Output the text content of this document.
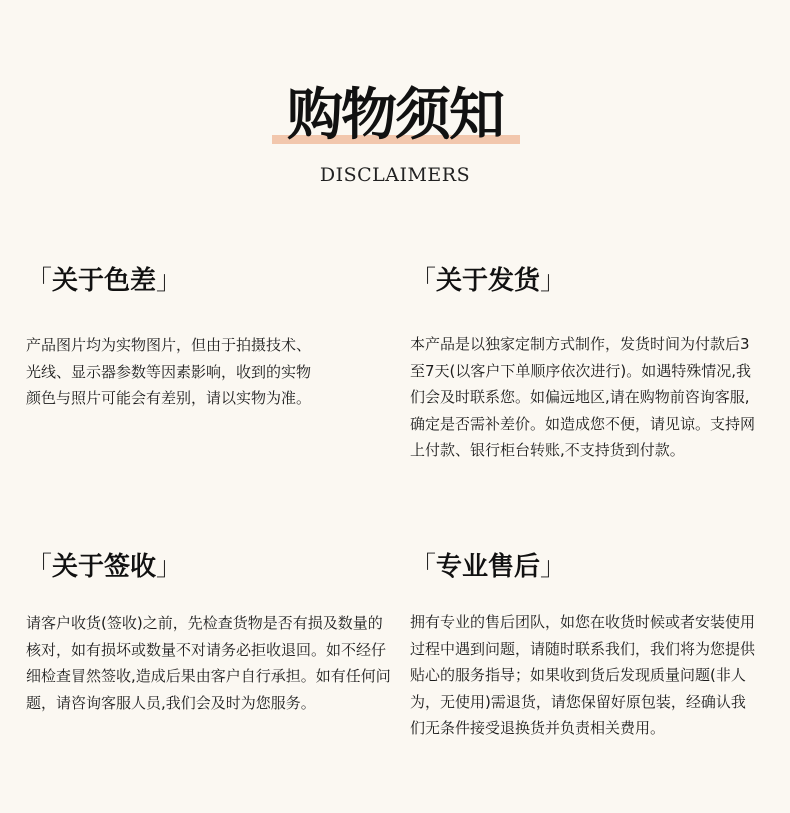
购物须知
DISCLAIMERS
「关于色差」

产品图片均为实物图片，但由于拍摄技术、光线、显示器参数等因素影响，收到的实物颜色与照片可能会有差别，请以实物为准。

「关于发货」

本产品是以独家定制方式制作，发货时间为付款后3至7天(以客户下单顺序依次进行)。如遇特殊情况,我们会及时联系您。如偏远地区,请在购物前咨询客服,确定是否需补差价。如造成您不便，请见谅。支持网上付款、银行柜台转账,不支持货到付款。

「关于签收」

请客户收货(签收)之前，先检查货物是否有损及数量的核对，如有损坏或数量不对请务必拒收退回。如不经仔细检查冒然签收,造成后果由客户自行承担。如有任何问题，请咨询客服人员,我们会及时为您服务。

「专业售后」

拥有专业的售后团队，如您在收货时候或者安装使用过程中遇到问题，请随时联系我们，我们将为您提供贴心的服务指导；如果收到货后发现质量问题(非人为，无使用)需退货，请您保留好原包装，经确认我们无条件接受退换货并负责相关费用。
